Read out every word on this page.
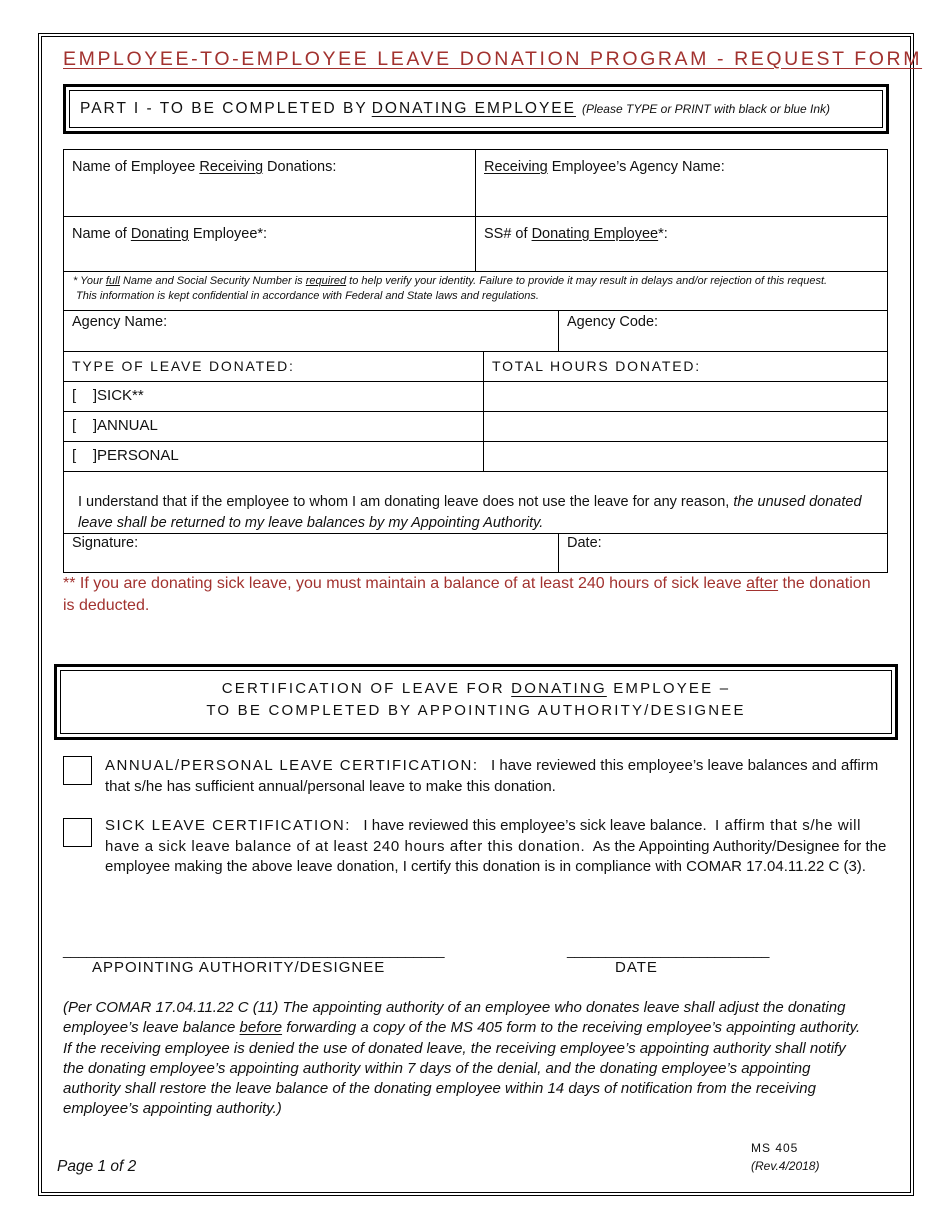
EMPLOYEE-TO-EMPLOYEE LEAVE DONATION PROGRAM - REQUEST FORM
PART I - TO BE COMPLETED BY DONATING EMPLOYEE (Please TYPE or PRINT with black or blue Ink)
Name of Employee Receiving Donations:	Receiving Employee’s Agency Name:
Name of Donating Employee*:	SS# of Donating Employee*:
* Your full Name and Social Security Number is required to help verify your identity. Failure to provide it may result in delays and/or rejection of this request.
This information is kept confidential in accordance with Federal and State laws and regulations.
Agency Name:	Agency Code:
TYPE OF LEAVE DONATED:	TOTAL HOURS DONATED:
[    ]SICK**
[    ]ANNUAL
[    ]PERSONAL
I understand that if the employee to whom I am donating leave does not use the leave for any reason, the unused donated leave shall be returned to my leave balances by my Appointing Authority.
Signature:	Date:
** If you are donating sick leave, you must maintain a balance of at least 240 hours of sick leave after the donation is deducted.
CERTIFICATION OF LEAVE FOR DONATING EMPLOYEE –
TO BE COMPLETED BY APPOINTING AUTHORITY/DESIGNEE
ANNUAL/PERSONAL LEAVE CERTIFICATION: I have reviewed this employee’s leave balances and affirm that s/he has sufficient annual/personal leave to make this donation.
SICK LEAVE CERTIFICATION: I have reviewed this employee’s sick leave balance. I affirm that s/he will have a sick leave balance of at least 240 hours after this donation. As the Appointing Authority/Designee for the employee making the above leave donation, I certify this donation is in compliance with COMAR 17.04.11.22 C (3).
_________________________________________________	__________________________
APPOINTING AUTHORITY/DESIGNEE	DATE
(Per COMAR 17.04.11.22 C (11) The appointing authority of an employee who donates leave shall adjust the donating employee’s leave balance before forwarding a copy of the MS 405 form to the receiving employee’s appointing authority. If the receiving employee is denied the use of donated leave, the receiving employee’s appointing authority shall notify the donating employee’s appointing authority within 7 days of the denial, and the donating employee’s appointing authority shall restore the leave balance of the donating employee within 14 days of notification from the receiving employee’s appointing authority.)
MS 405
(Rev.4/2018)
Page 1 of 2
